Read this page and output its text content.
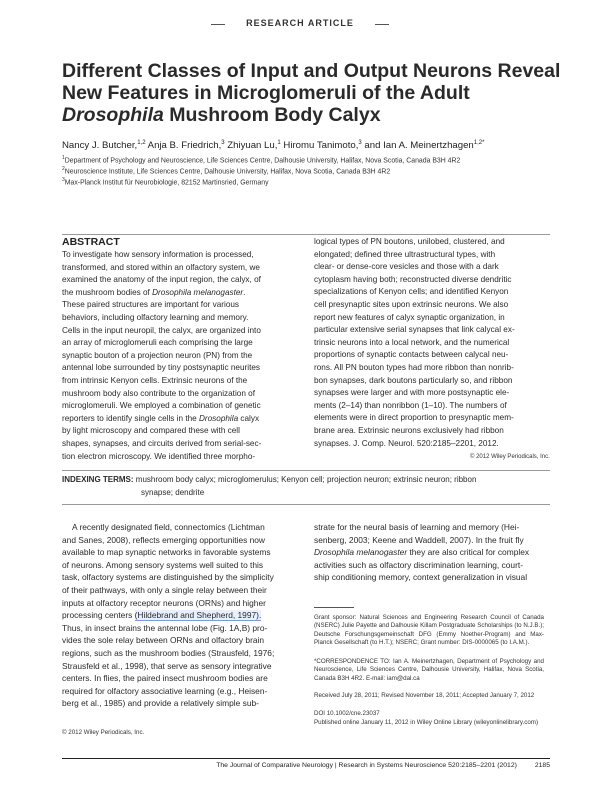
RESEARCH ARTICLE
Different Classes of Input and Output Neurons Reveal
New Features in Microglomeruli of the Adult
Drosophila Mushroom Body Calyx
Nancy J. Butcher,$^{1,2}$ Anja B. Friedrich,$^3$ Zhiyuan Lu,$^1$ Hiromu Tanimoto,$^3$ and Ian A. Meinertzhagen$^{1,2*}$
$^1$Department of Psychology and Neuroscience, Life Sciences Centre, Dalhousie University, Halifax, Nova Scotia, Canada B3H 4R2
$^2$Neuroscience Institute, Life Sciences Centre, Dalhousie University, Halifax, Nova Scotia, Canada B3H 4R2
$^3$Max-Planck Institut für Neurobiologie, 82152 Martinsried, Germany
ABSTRACT
To investigate how sensory information is processed,
transformed, and stored within an olfactory system, we
examined the anatomy of the input region, the calyx, of
the mushroom bodies of Drosophila melanogaster.
These paired structures are important for various
behaviors, including olfactory learning and memory.
Cells in the input neuropil, the calyx, are organized into
an array of microglomeruli each comprising the large
synaptic bouton of a projection neuron (PN) from the
antennal lobe surrounded by tiny postsynaptic neurites
from intrinsic Kenyon cells. Extrinsic neurons of the
mushroom body also contribute to the organization of
microglomeruli. We employed a combination of genetic
reporters to identify single cells in the Drosophila calyx
by light microscopy and compared these with cell
shapes, synapses, and circuits derived from serial-sec-
tion electron microscopy. We identified three morpho-
logical types of PN boutons, unilobed, clustered, and
elongated; defined three ultrastructural types, with
clear- or dense-core vesicles and those with a dark
cytoplasm having both; reconstructed diverse dendritic
specializations of Kenyon cells; and identified Kenyon
cell presynaptic sites upon extrinsic neurons. We also
report new features of calyx synaptic organization, in
particular extensive serial synapses that link calycal ex-
trinsic neurons into a local network, and the numerical
proportions of synaptic contacts between calycal neu-
rons. All PN bouton types had more ribbon than nonrib-
bon synapses, dark boutons particularly so, and ribbon
synapses were larger and with more postsynaptic ele-
ments (2–14) than nonribbon (1–10). The numbers of
elements were in direct proportion to presynaptic mem-
brane area. Extrinsic neurons exclusively had ribbon
synapses. J. Comp. Neurol. 520:2185–2201, 2012.
© 2012 Wiley Periodicals, Inc.
INDEXING TERMS: mushroom body calyx; microglomerulus; Kenyon cell; projection neuron; extrinsic neuron; ribbon
synapse; dendrite
A recently designated field, connectomics (Lichtman
and Sanes, 2008), reflects emerging opportunities now
available to map synaptic networks in favorable systems
of neurons. Among sensory systems well suited to this
task, olfactory systems are distinguished by the simplicity
of their pathways, with only a single relay between their
inputs at olfactory receptor neurons (ORNs) and higher
processing centers (Hildebrand and Shepherd, 1997).
Thus, in insect brains the antennal lobe (Fig. 1A,B) pro-
vides the sole relay between ORNs and olfactory brain
regions, such as the mushroom bodies (Strausfeld, 1976;
Strausfeld et al., 1998), that serve as sensory integrative
centers. In flies, the paired insect mushroom bodies are
required for olfactory associative learning (e.g., Heisen-
berg et al., 1985) and provide a relatively simple sub-
strate for the neural basis of learning and memory (Hei-
senberg, 2003; Keene and Waddell, 2007). In the fruit fly
Drosophila melanogaster they are also critical for complex
activities such as olfactory discrimination learning, court-
ship conditioning memory, context generalization in visual
Grant sponsor: Natural Sciences and Engineering Research Council of Canada (NSERC) Julie Payette and Dalhousie Killam Postgraduate Scholarships (to N.J.B.); Deutsche Forschungsgemeinschaft DFG (Emmy Noether-Program) and Max-Planck Gesellschaft (to H.T.); NSERC; Grant number: DIS-0000065 (to I.A.M.).
*CORRESPONDENCE TO: Ian A. Meinertzhagen, Department of Psychology and Neuroscience, Life Sciences Centre, Dalhousie University, Halifax, Nova Scotia, Canada B3H 4R2. E-mail: iam@dal.ca
Received July 28, 2011; Revised November 18, 2011; Accepted January 7, 2012
DOI 10.1002/cne.23037
Published online January 11, 2012 in Wiley Online Library (wileyonlinelibrary.com)
© 2012 Wiley Periodicals, Inc.
The Journal of Comparative Neurology | Research in Systems Neuroscience 520:2185–2201 (2012)	2185
